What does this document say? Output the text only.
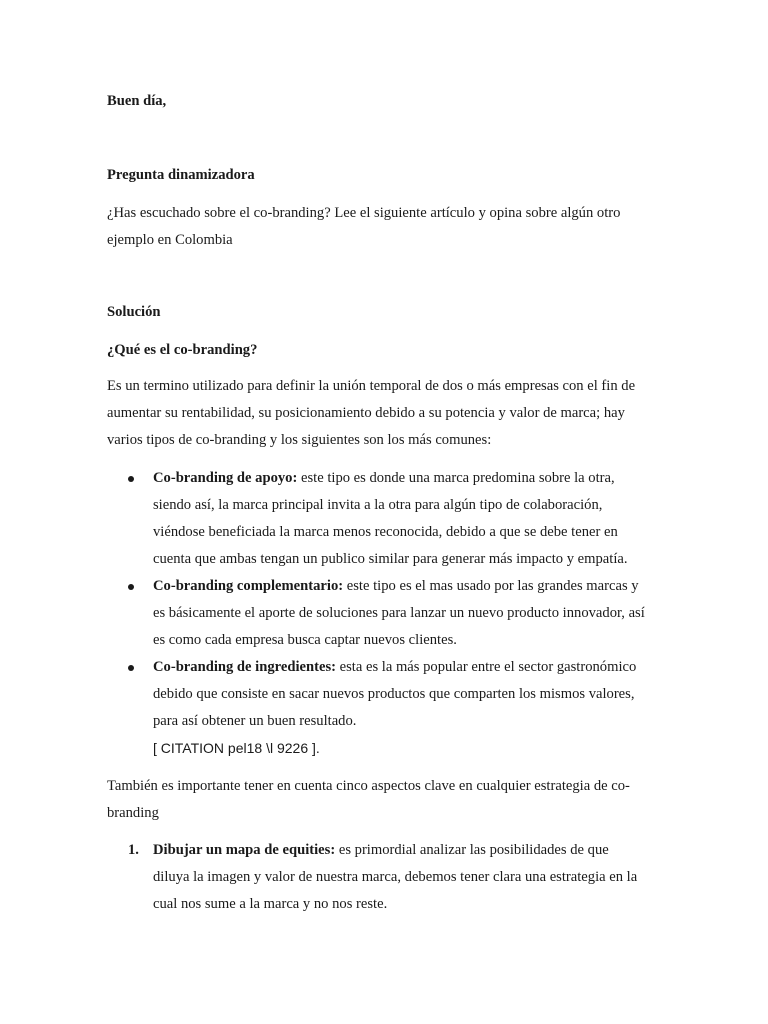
Buen día,
Pregunta dinamizadora
¿Has escuchado sobre el co-branding? Lee el siguiente artículo y opina sobre algún otro
ejemplo en Colombia
Solución
¿Qué es el co-branding?
Es un termino utilizado para definir la unión temporal de dos o más empresas con el fin de
aumentar su rentabilidad, su posicionamiento debido a su potencia y valor de marca; hay
varios tipos de co-branding y los siguientes son los más comunes:
Co-branding de apoyo: este tipo es donde una marca predomina sobre la otra,
siendo así, la marca principal invita a la otra para algún tipo de colaboración,
viéndose beneficiada la marca menos reconocida, debido a que se debe tener en
cuenta que ambas tengan un publico similar para generar más impacto y empatía.
Co-branding complementario: este tipo es el mas usado por las grandes marcas y
es básicamente el aporte de soluciones para lanzar un nuevo producto innovador, así
es como cada empresa busca captar nuevos clientes.
Co-branding de ingredientes: esta es la más popular entre el sector gastronómico
debido que consiste en sacar nuevos productos que comparten los mismos valores,
para así obtener un buen resultado.
[ CITATION pel18 \l 9226 ].
También es importante tener en cuenta cinco aspectos clave en cualquier estrategia de co-
branding
1. Dibujar un mapa de equities: es primordial analizar las posibilidades de que
diluya la imagen y valor de nuestra marca, debemos tener clara una estrategia en la
cual nos sume a la marca y no nos reste.
